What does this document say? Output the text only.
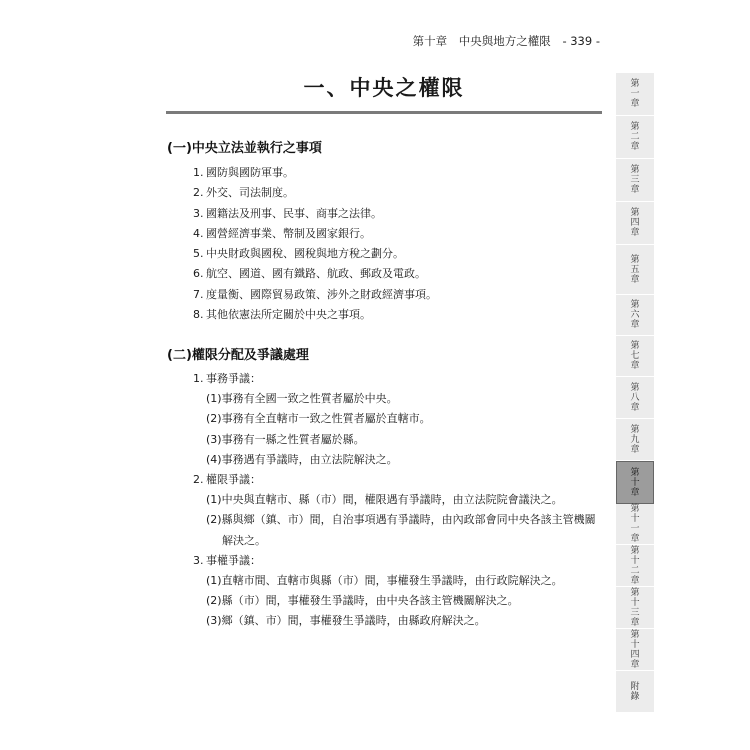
第十章 中央與地方之權限 - 339 -
一、中央之權限
(一)中央立法並執行之事項
1. 國防與國防軍事。
2. 外交、司法制度。
3. 國籍法及刑事、民事、商事之法律。
4. 國營經濟事業、幣制及國家銀行。
5. 中央財政與國稅、國稅與地方稅之劃分。
6. 航空、國道、國有鐵路、航政、郵政及電政。
7. 度量衡、國際貿易政策、涉外之財政經濟事項。
8. 其他依憲法所定關於中央之事項。
(二)權限分配及爭議處理
1. 事務爭議：
(1)事務有全國一致之性質者屬於中央。
(2)事務有全直轄市一致之性質者屬於直轄市。
(3)事務有一縣之性質者屬於縣。
(4)事務遇有爭議時，由立法院解決之。
2. 權限爭議：
(1)中央與直轄市、縣（市）間，權限遇有爭議時，由立法院院會議決之。
(2)縣與鄉（鎮、市）間，自治事項遇有爭議時，由內政部會同中央各該主管機關
解決之。
3. 事權爭議：
(1)直轄市間、直轄市與縣（市）間，事權發生爭議時，由行政院解決之。
(2)縣（市）間，事權發生爭議時，由中央各該主管機關解決之。
(3)鄉（鎮、市）間，事權發生爭議時，由縣政府解決之。
第
一
章
第
二
章
第
三
章
第
四
章
第
五
章
第
六
章
第
七
章
第
八
章
第
九
章
第
十
章
第
十
一
章
第
十
二
章
第
十
三
章
第
十
四
章
附
錄
